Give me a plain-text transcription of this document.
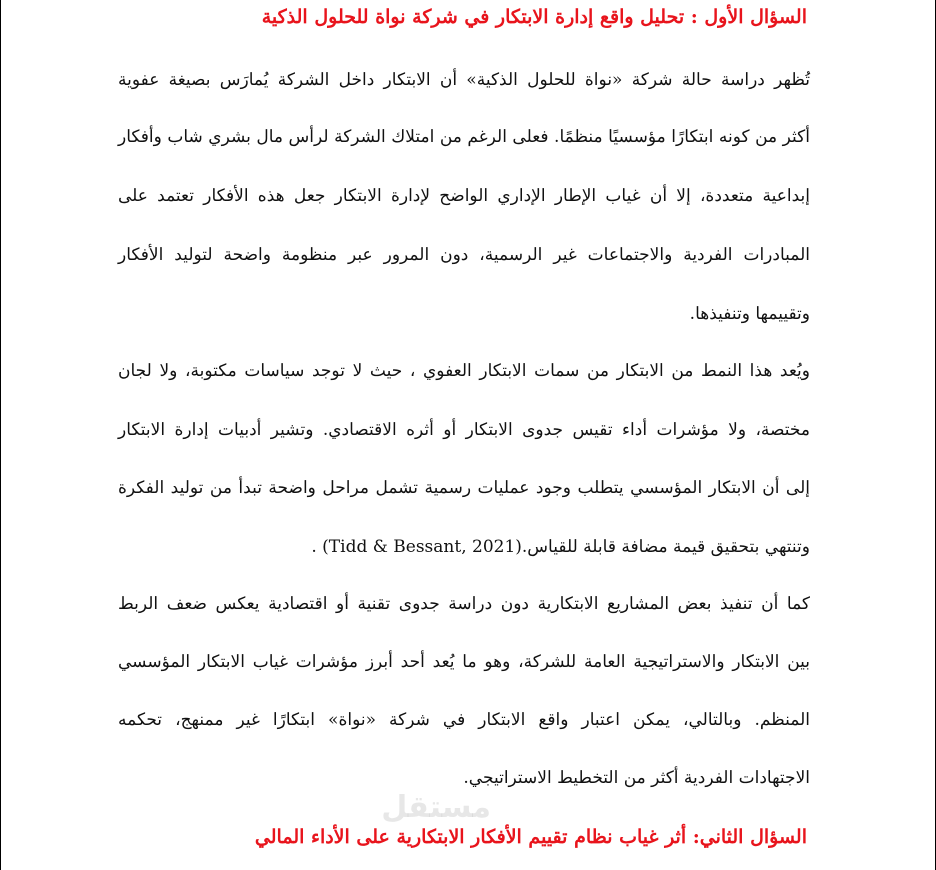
السؤال الأول : تحليل واقع إدارة الابتكار في شركة نواة للحلول الذكية
تُظهر دراسة حالة شركة «نواة للحلول الذكية» أن الابتكار داخل الشركة يُمارَس بصيغة عفوية
أكثر من كونه ابتكارًا مؤسسيًا منظمًا. فعلى الرغم من امتلاك الشركة لرأس مال بشري شاب وأفكار
إبداعية متعددة، إلا أن غياب الإطار الإداري الواضح لإدارة الابتكار جعل هذه الأفكار تعتمد على
المبادرات الفردية والاجتماعات غير الرسمية، دون المرور عبر منظومة واضحة لتوليد الأفكار
وتقييمها وتنفيذها.
ويُعد هذا النمط من الابتكار من سمات الابتكار العفوي ، حيث لا توجد سياسات مكتوبة، ولا لجان
مختصة، ولا مؤشرات أداء تقيس جدوى الابتكار أو أثره الاقتصادي. وتشير أدبيات إدارة الابتكار
إلى أن الابتكار المؤسسي يتطلب وجود عمليات رسمية تشمل مراحل واضحة تبدأ من توليد الفكرة
وتنتهي بتحقيق قيمة مضافة قابلة للقياس.(Tidd & Bessant, 2021) .
كما أن تنفيذ بعض المشاريع الابتكارية دون دراسة جدوى تقنية أو اقتصادية يعكس ضعف الربط
بين الابتكار والاستراتيجية العامة للشركة، وهو ما يُعد أحد أبرز مؤشرات غياب الابتكار المؤسسي
المنظم. وبالتالي، يمكن اعتبار واقع الابتكار في شركة «نواة» ابتكارًا غير ممنهج، تحكمه
الاجتهادات الفردية أكثر من التخطيط الاستراتيجي.
السؤال الثاني: أثر غياب نظام تقييم الأفكار الابتكارية على الأداء المالي
مستقل
